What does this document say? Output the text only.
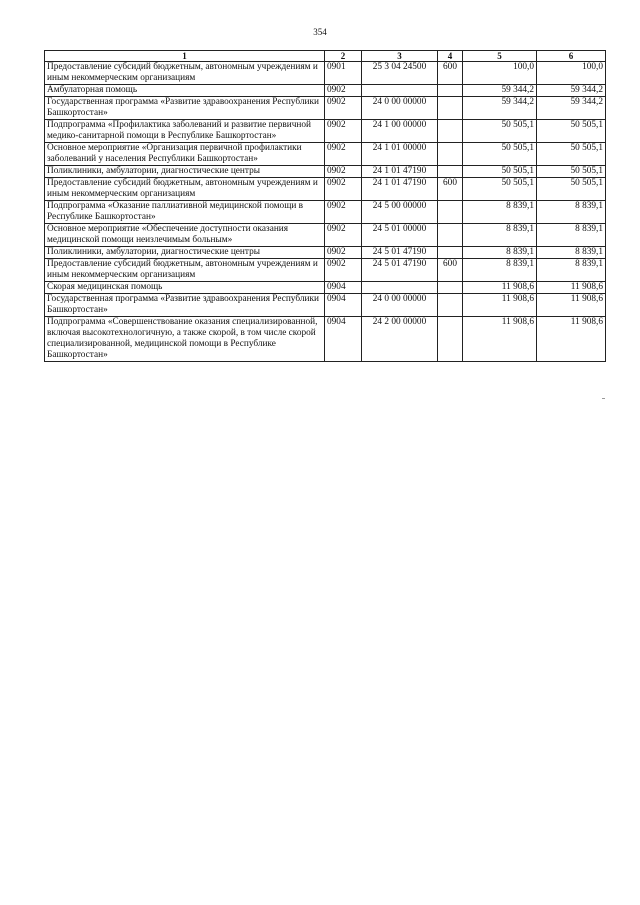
354
1	2	3	4	5	6
Предоставление субсидий бюджетным, автономным учреждениям и иным некоммерческим организациям	0901	25 3 04 24500	600	100,0	100,0
Амбулаторная помощь	0902			59 344,2	59 344,2
Государственная программа «Развитие здравоохранения Республики Башкортостан»	0902	24 0 00 00000		59 344,2	59 344,2
Подпрограмма «Профилактика заболеваний и развитие первичной медико-санитарной помощи в Республике Башкортостан»	0902	24 1 00 00000		50 505,1	50 505,1
Основное мероприятие «Организация первичной профилактики заболеваний у населения Республики Башкортостан»	0902	24 1 01 00000		50 505,1	50 505,1
Поликлиники, амбулатории, диагностические центры	0902	24 1 01 47190		50 505,1	50 505,1
Предоставление субсидий бюджетным, автономным учреждениям и иным некоммерческим организациям	0902	24 1 01 47190	600	50 505,1	50 505,1
Подпрограмма «Оказание паллиативной медицинской помощи в Республике Башкортостан»	0902	24 5 00 00000		8 839,1	8 839,1
Основное мероприятие «Обеспечение доступности оказания медицинской помощи неизлечимым больным»	0902	24 5 01 00000		8 839,1	8 839,1
Поликлиники, амбулатории, диагностические центры	0902	24 5 01 47190		8 839,1	8 839,1
Предоставление субсидий бюджетным, автономным учреждениям и иным некоммерческим организациям	0902	24 5 01 47190	600	8 839,1	8 839,1
Скорая медицинская помощь	0904			11 908,6	11 908,6
Государственная программа «Развитие здравоохранения Республики Башкортостан»	0904	24 0 00 00000		11 908,6	11 908,6
Подпрограмма «Совершенствование оказания специализированной, включая высокотехнологичную, а также скорой, в том числе скорой специализированной, медицинской помощи в Республике Башкортостан»	0904	24 2 00 00000		11 908,6	11 908,6
